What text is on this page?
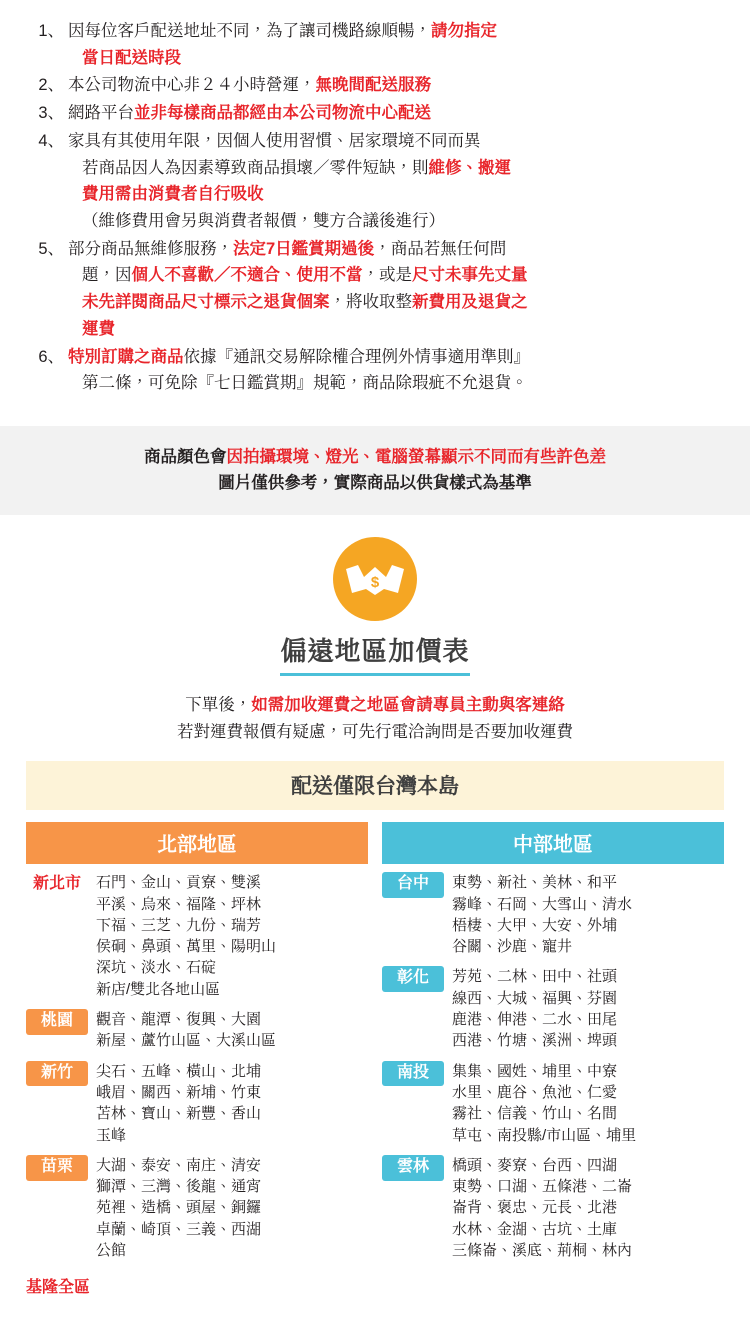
1、 因每位客戶配送地址不同，為了讓司機路線順暢，請勿指定
當日配送時段
2、 本公司物流中心非２４小時營運，無晚間配送服務
3、 網路平台並非每樣商品都經由本公司物流中心配送
4、 家具有其使用年限，因個人使用習慣、居家環境不同而異
若商品因人為因素導致商品損壞／零件短缺，則維修、搬運
費用需由消費者自行吸收
（維修費用會另與消費者報價，雙方合議後進行）
5、 部分商品無維修服務，法定7日鑑賞期過後，商品若無任何問
題，因個人不喜歡／不適合、使用不當，或是尺寸未事先丈量
未先詳閱商品尺寸標示之退貨個案，將收取整新費用及退貨之
運費
6、 特別訂購之商品依據『通訊交易解除權合理例外情事適用準則』
第二條，可免除『七日鑑賞期』規範，商品除瑕疵不允退貨。
商品顏色會因拍攝環境、燈光、電腦螢幕顯示不同而有些許色差
圖片僅供參考，實際商品以供貨樣式為基準
$
偏遠地區加價表
下單後，如需加收運費之地區會請專員主動與客連絡
若對運費報價有疑慮，可先行電洽詢問是否要加收運費
配送僅限台灣本島
北部地區
新北市	石門、金山、貢寮、雙溪
平溪、烏來、福隆、坪林
下福、三芝、九份、瑞芳
侯硐、鼻頭、萬里、陽明山
深坑、淡水、石碇
新店/雙北各地山區
桃園	觀音、龍潭、復興、大園
新屋、蘆竹山區、大溪山區
新竹	尖石、五峰、橫山、北埔
峨眉、關西、新埔、竹東
苫林、寶山、新豐、香山
玉峰
苗栗	大湖、泰安、南庄、清安
獅潭、三灣、後龍、通宵
苑裡、造橋、頭屋、銅鑼
卓蘭、崎頂、三義、西湖
公館
中部地區
台中	東勢、新社、美林、和平
霧峰、石岡、大雪山、清水
梧棲、大甲、大安、外埔
谷關、沙鹿、寵井
彰化	芳苑、二林、田中、社頭
線西、大城、福興、芬園
鹿港、伸港、二水、田尾
西港、竹塘、溪洲、埤頭
南投	集集、國姓、埔里、中寮
水里、鹿谷、魚池、仁愛
霧社、信義、竹山、名間
草屯、南投縣/市山區、埔里
雲林	橋頭、麥寮、台西、四湖
東勢、口湖、五條港、二崙
崙背、褒忠、元長、北港
水林、金湖、古坑、土庫
三條崙、溪底、荊桐、林內
基隆全區
